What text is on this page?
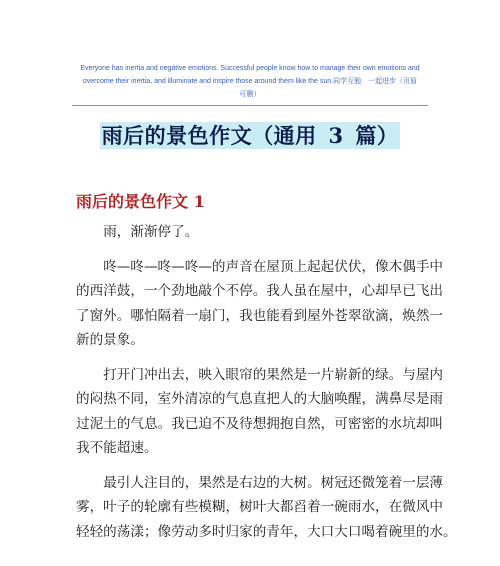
Everyone has inertia and negative emotions. Successful people know how to manage their own emotions and
overcome their inertia, and illuminate and inspire those around them like the sun.同学互勉　一起进步（页眉
可删）
雨后的景色作文（通用 3 篇）
雨后的景色作文 1

雨，渐渐停了。

咚—咚—咚—咚—的声音在屋顶上起起伏伏，像木偶手中
的西洋鼓，一个劲地敲个不停。我人虽在屋中，心却早已飞出
了窗外。哪怕隔着一扇门，我也能看到屋外苍翠欲滴，焕然一
新的景象。

打开门冲出去，映入眼帘的果然是一片崭新的绿。与屋内
的闷热不同，室外清凉的气息直把人的大脑唤醒，满鼻尽是雨
过泥土的气息。我已迫不及待想拥抱自然，可密密的水坑却叫
我不能超速。

最引人注目的，果然是右边的大树。树冠还微笼着一层薄
雾，叶子的轮廓有些模糊，树叶大都舀着一碗雨水，在微风中
轻轻的荡漾；像劳动多时归家的青年，大口大口喝着碗里的水。
